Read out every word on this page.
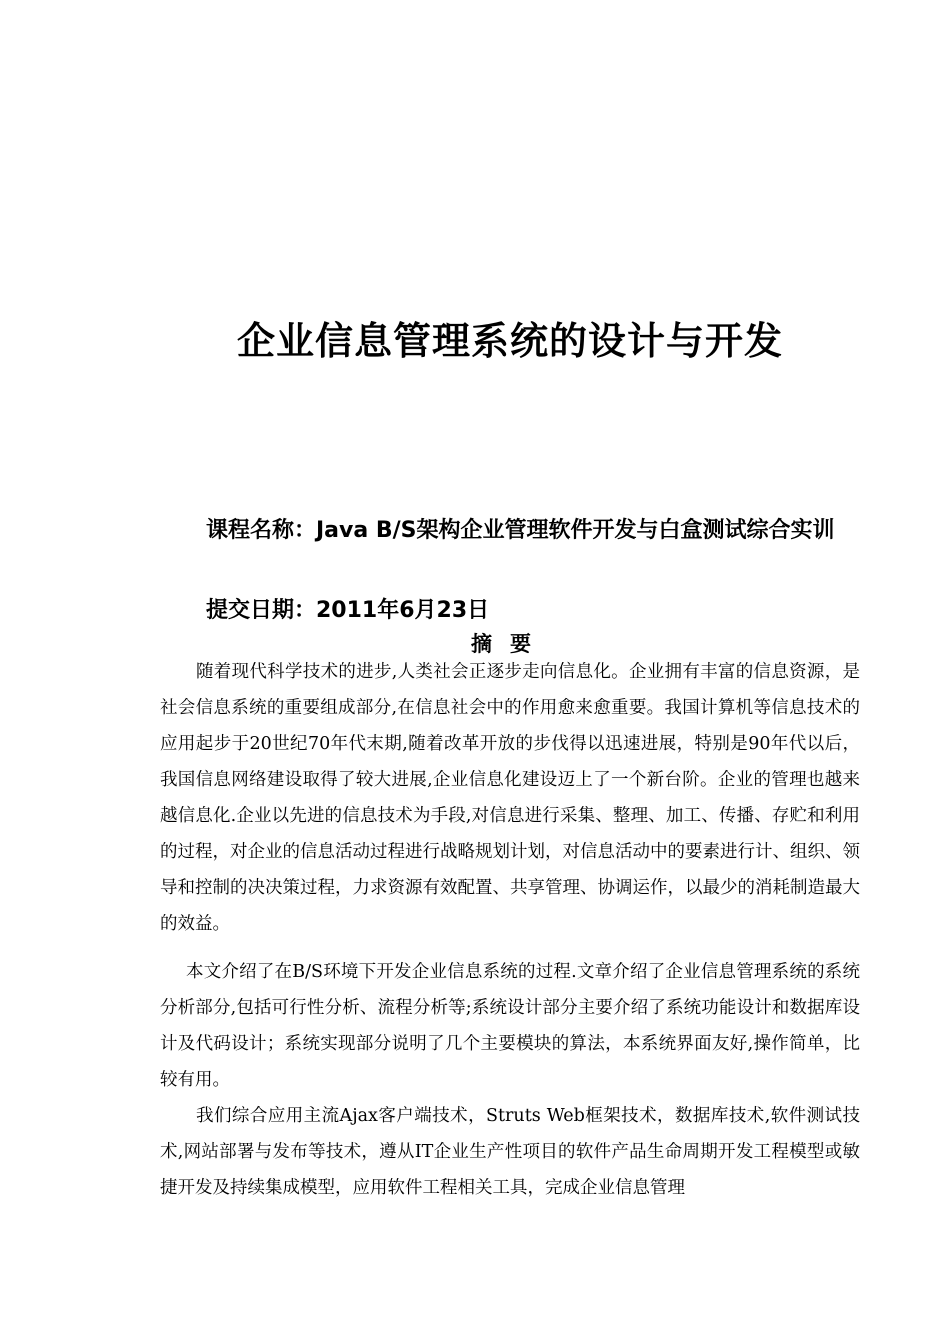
企业信息管理系统的设计与开发
课程名称：Java B/S架构企业管理软件开发与白盒测试综合实训
提交日期：2011年6月23日
摘要
随着现代科学技术的进步,人类社会正逐步走向信息化。企业拥有丰富的信息资源，是社会信息系统的重要组成部分,在信息社会中的作用愈来愈重要。我国计算机等信息技术的应用起步于20世纪70年代末期,随着改革开放的步伐得以迅速进展，特别是90年代以后，我国信息网络建设取得了较大进展,企业信息化建设迈上了一个新台阶。企业的管理也越来越信息化.企业以先进的信息技术为手段,对信息进行采集、整理、加工、传播、存贮和利用的过程，对企业的信息活动过程进行战略规划计划，对信息活动中的要素进行计、组织、领导和控制的决决策过程，力求资源有效配置、共享管理、协调运作，以最少的消耗制造最大的效益。
本文介绍了在B/S环境下开发企业信息系统的过程.文章介绍了企业信息管理系统的系统分析部分,包括可行性分析、流程分析等;系统设计部分主要介绍了系统功能设计和数据库设计及代码设计；系统实现部分说明了几个主要模块的算法，本系统界面友好,操作简单，比较有用。
我们综合应用主流Ajax客户端技术，Struts Web框架技术，数据库技术,软件测试技术,网站部署与发布等技术，遵从IT企业生产性项目的软件产品生命周期开发工程模型或敏捷开发及持续集成模型，应用软件工程相关工具，完成企业信息管理
